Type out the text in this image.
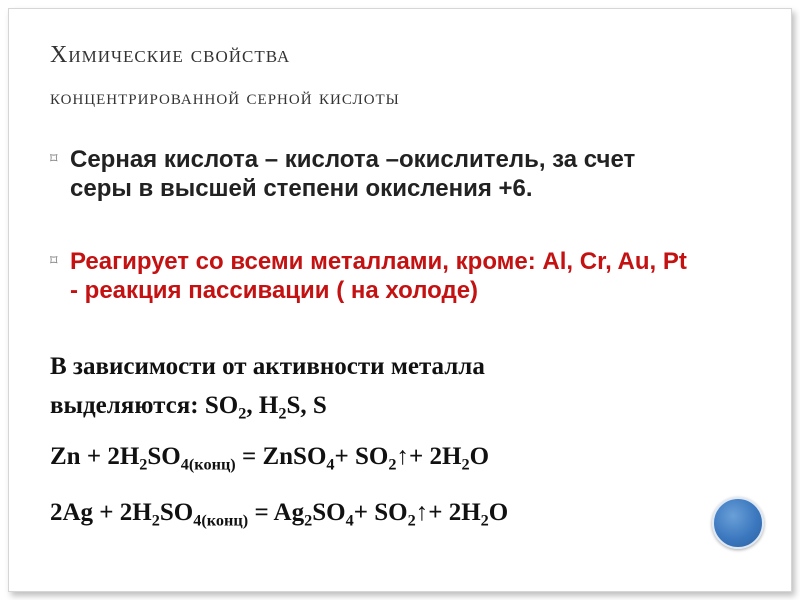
Химические свойства
концентрированной серной кислоты
⌑ Серная кислота – кислота –окислитель, за счет серы в высшей степени окисления +6.
⌑ Реагирует со всеми металлами, кроме: Al, Cr, Au, Pt - реакция пассивации ( на холоде)
В зависимости от активности металла
выделяются: $SO_2$, $H_2S$, S
$Zn + 2H_2SO_{4(конц)}$ = ZnSO$_4$+ $SO_2↑+ 2H_2O$
$2Ag + 2H_2SO_{4(конц)} = Ag_2SO_4+$ $SO_2↑+ 2H_2O$
